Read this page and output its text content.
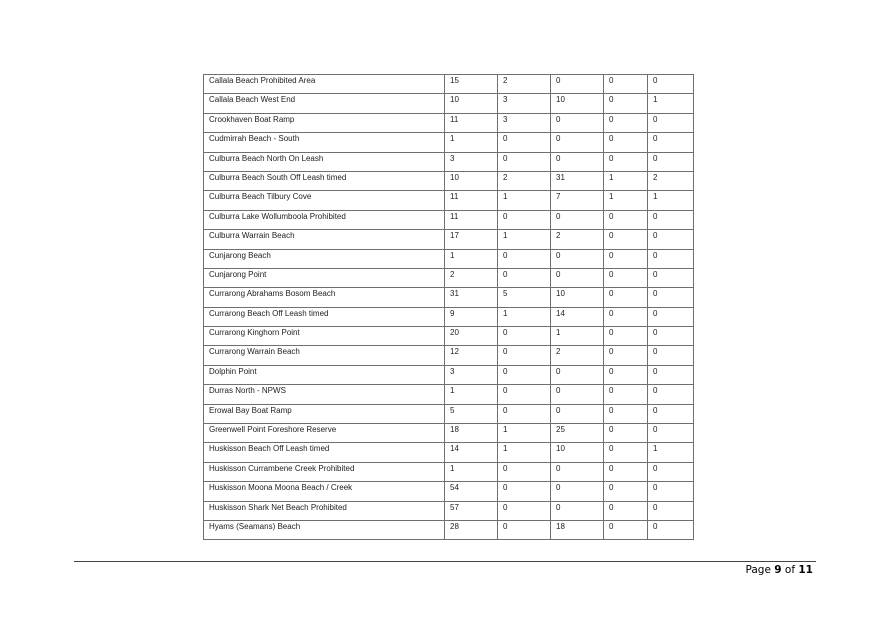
Callala Beach Prohibited Area	15	2	0	0	0
Callala Beach West End	10	3	10	0	1
Crookhaven Boat Ramp	11	3	0	0	0
Cudmirrah Beach - South	1	0	0	0	0
Culburra Beach North On Leash	3	0	0	0	0
Culburra Beach South Off Leash timed	10	2	31	1	2
Culburra Beach Tilbury Cove	11	1	7	1	1
Culburra Lake Wollumboola Prohibited	11	0	0	0	0
Culburra Warrain Beach	17	1	2	0	0
Cunjarong Beach	1	0	0	0	0
Cunjarong Point	2	0	0	0	0
Currarong Abrahams Bosom Beach	31	5	10	0	0
Currarong Beach Off Leash timed	9	1	14	0	0
Currarong Kinghorn Point	20	0	1	0	0
Currarong Warrain Beach	12	0	2	0	0
Dolphin Point	3	0	0	0	0
Durras North - NPWS	1	0	0	0	0
Erowal Bay Boat Ramp	5	0	0	0	0
Greenwell Point Foreshore Reserve	18	1	25	0	0
Huskisson Beach Off Leash timed	14	1	10	0	1
Huskisson Currambene Creek Prohibited	1	0	0	0	0
Huskisson Moona Moona Beach / Creek	54	0	0	0	0
Huskisson Shark Net Beach Prohibited	57	0	0	0	0
Hyams (Seamans) Beach	28	0	18	0	0
Page 9 of 11
